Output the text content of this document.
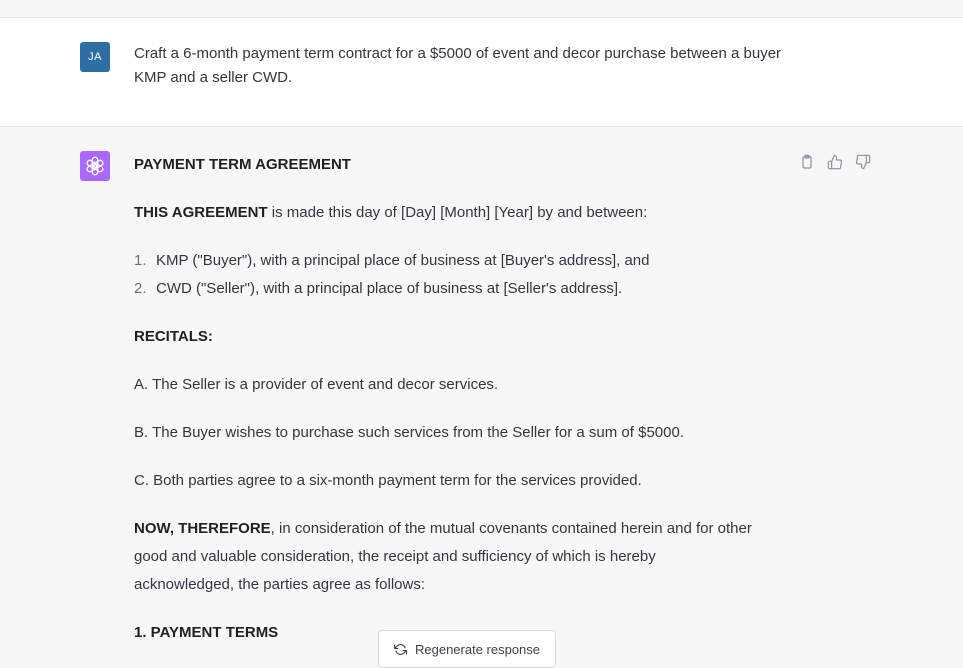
JA	Craft a 6-month payment term contract for a $5000 of event and decor purchase between a buyer KMP and a seller CWD.
PAYMENT TERM AGREEMENT
THIS AGREEMENT is made this day of [Day] [Month] [Year] by and between:
1. KMP ("Buyer"), with a principal place of business at [Buyer's address], and
2. CWD ("Seller"), with a principal place of business at [Seller's address].
RECITALS:
A. The Seller is a provider of event and decor services.
B. The Buyer wishes to purchase such services from the Seller for a sum of $5000.
C. Both parties agree to a six-month payment term for the services provided.
NOW, THEREFORE, in consideration of the mutual covenants contained herein and for other
good and valuable consideration, the receipt and sufficiency of which is hereby
acknowledged, the parties agree as follows:
1. PAYMENT TERMS
Regenerate response
